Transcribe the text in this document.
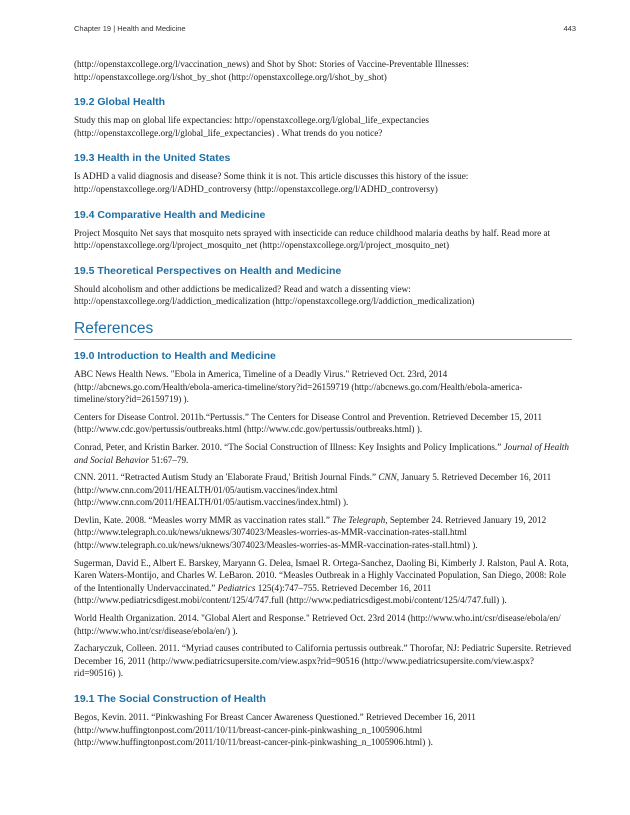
Chapter 19 | Health and Medicine	443

(http://openstaxcollege.org/l/vaccination_news) and Shot by Shot: Stories of Vaccine-Preventable Illnesses: http://openstaxcollege.org/l/shot_by_shot (http://openstaxcollege.org/l/shot_by_shot)

19.2 Global Health

Study this map on global life expectancies: http://openstaxcollege.org/l/global_life_expectancies (http://openstaxcollege.org/l/global_life_expectancies) . What trends do you notice?

19.3 Health in the United States

Is ADHD a valid diagnosis and disease? Some think it is not. This article discusses this history of the issue: http://openstaxcollege.org/l/ADHD_controversy (http://openstaxcollege.org/l/ADHD_controversy)

19.4 Comparative Health and Medicine

Project Mosquito Net says that mosquito nets sprayed with insecticide can reduce childhood malaria deaths by half. Read more at http://openstaxcollege.org/l/project_mosquito_net (http://openstaxcollege.org/l/project_mosquito_net)

19.5 Theoretical Perspectives on Health and Medicine

Should alcoholism and other addictions be medicalized? Read and watch a dissenting view: http://openstaxcollege.org/l/addiction_medicalization (http://openstaxcollege.org/l/addiction_medicalization)

References
19.0 Introduction to Health and Medicine

ABC News Health News. "Ebola in America, Timeline of a Deadly Virus." Retrieved Oct. 23rd, 2014 (http://abcnews.go.com/Health/ebola-america-timeline/story?id=26159719 (http://abcnews.go.com/Health/ebola-america-timeline/story?id=26159719) ).

Centers for Disease Control. 2011b.“Pertussis.” The Centers for Disease Control and Prevention. Retrieved December 15, 2011 (http://www.cdc.gov/pertussis/outbreaks.html (http://www.cdc.gov/pertussis/outbreaks.html) ).

Conrad, Peter, and Kristin Barker. 2010. “The Social Construction of Illness: Key Insights and Policy Implications.” Journal of Health and Social Behavior 51:67–79.

CNN. 2011. “Retracted Autism Study an 'Elaborate Fraud,' British Journal Finds.” CNN, January 5. Retrieved December 16, 2011 (http://www.cnn.com/2011/HEALTH/01/05/autism.vaccines/index.html (http://www.cnn.com/2011/HEALTH/01/05/autism.vaccines/index.html) ).

Devlin, Kate. 2008. “Measles worry MMR as vaccination rates stall.” The Telegraph, September 24. Retrieved January 19, 2012 (http://www.telegraph.co.uk/news/uknews/3074023/Measles-worries-as-MMR-vaccination-rates-stall.html (http://www.telegraph.co.uk/news/uknews/3074023/Measles-worries-as-MMR-vaccination-rates-stall.html) ).

Sugerman, David E., Albert E. Barskey, Maryann G. Delea, Ismael R. Ortega-Sanchez, Daoling Bi, Kimberly J. Ralston, Paul A. Rota, Karen Waters-Montijo, and Charles W. LeBaron. 2010. “Measles Outbreak in a Highly Vaccinated Population, San Diego, 2008: Role of the Intentionally Undervaccinated.” Pediatrics 125(4):747–755. Retrieved December 16, 2011 (http://www.pediatricsdigest.mobi/content/125/4/747.full (http://www.pediatricsdigest.mobi/content/125/4/747.full) ).

World Health Organization. 2014. "Global Alert and Response." Retrieved Oct. 23rd 2014 (http://www.who.int/csr/disease/ebola/en/ (http://www.who.int/csr/disease/ebola/en/) ).

Zacharyczuk, Colleen. 2011. “Myriad causes contributed to California pertussis outbreak.” Thorofar, NJ: Pediatric Supersite. Retrieved December 16, 2011 (http://www.pediatricsupersite.com/view.aspx?rid=90516 (http://www.pediatricsupersite.com/view.aspx?rid=90516) ).

19.1 The Social Construction of Health

Begos, Kevin. 2011. “Pinkwashing For Breast Cancer Awareness Questioned.” Retrieved December 16, 2011 (http://www.huffingtonpost.com/2011/10/11/breast-cancer-pink-pinkwashing_n_1005906.html (http://www.huffingtonpost.com/2011/10/11/breast-cancer-pink-pinkwashing_n_1005906.html) ).
